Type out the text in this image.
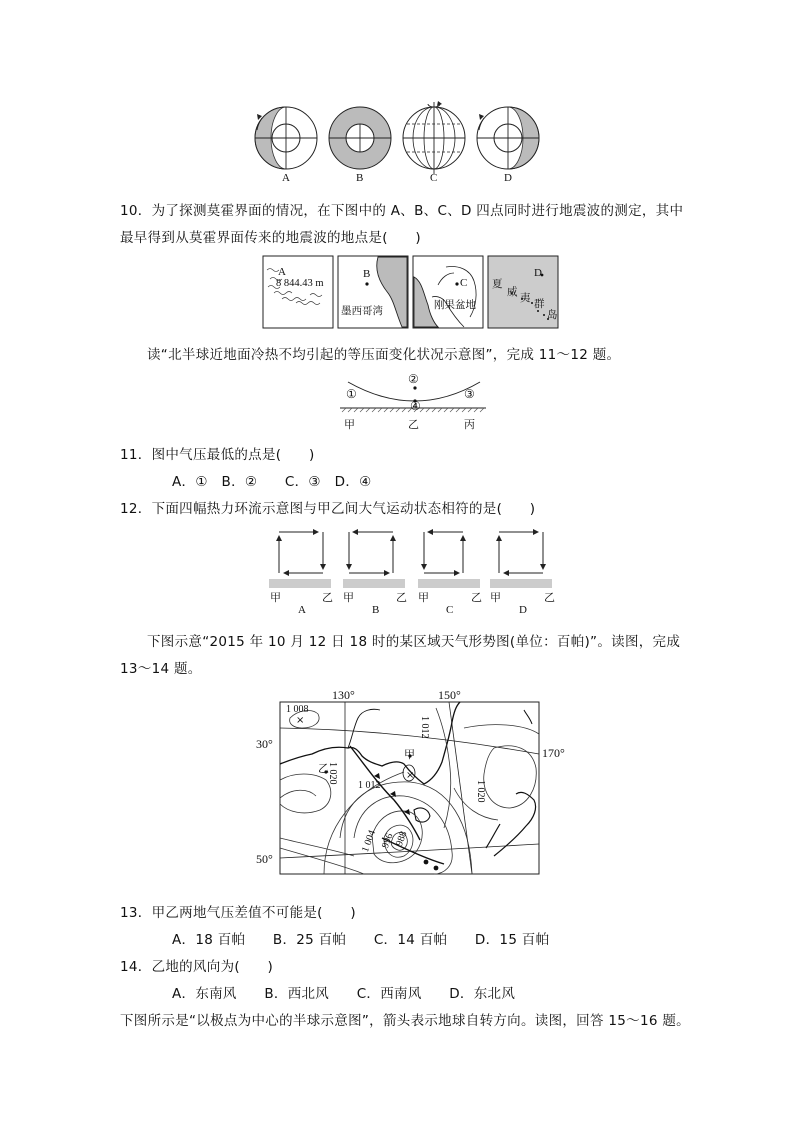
A	B	C	D
10．为了探测莫霍界面的情况，在下图中的 A、B、C、D 四点同时进行地震波的测定，其中
最早得到从莫霍界面传来的地震波的地点是(　　)
A
8 844.43 m
B
墨西哥湾
C
刚果盆地
D
夏
威 夷 群
岛
读“北半球近地面冷热不均引起的等压面变化状况示意图”，完成 11～12 题。
①
②
③
④
甲	乙	丙
11．图中气压最低的点是(　　)
A．①　B．②　　C．③　D．④
12．下面四幅热力环流示意图与甲乙间大气运动状态相符的是(　　)
甲	乙 甲	乙 甲	乙 甲	乙
A	B	C	D
下图示意“2015 年 10 月 12 日 18 时的某区域天气形势图(单位：百帕)”。读图，完成
13～14 题。
×
×
130°	150°
170°
30°
50°
1 008
1 012
1 020
1 012	1 020
1 004 996
988
甲
乙
13．甲乙两地气压差值不可能是(　　)
A．18 百帕　　B．25 百帕　　C．14 百帕　　D．15 百帕
14．乙地的风向为(　　)
A．东南风　　B．西北风　　C．西南风　　D．东北风
下图所示是“以极点为中心的半球示意图”，箭头表示地球自转方向。读图，回答 15～16 题。
